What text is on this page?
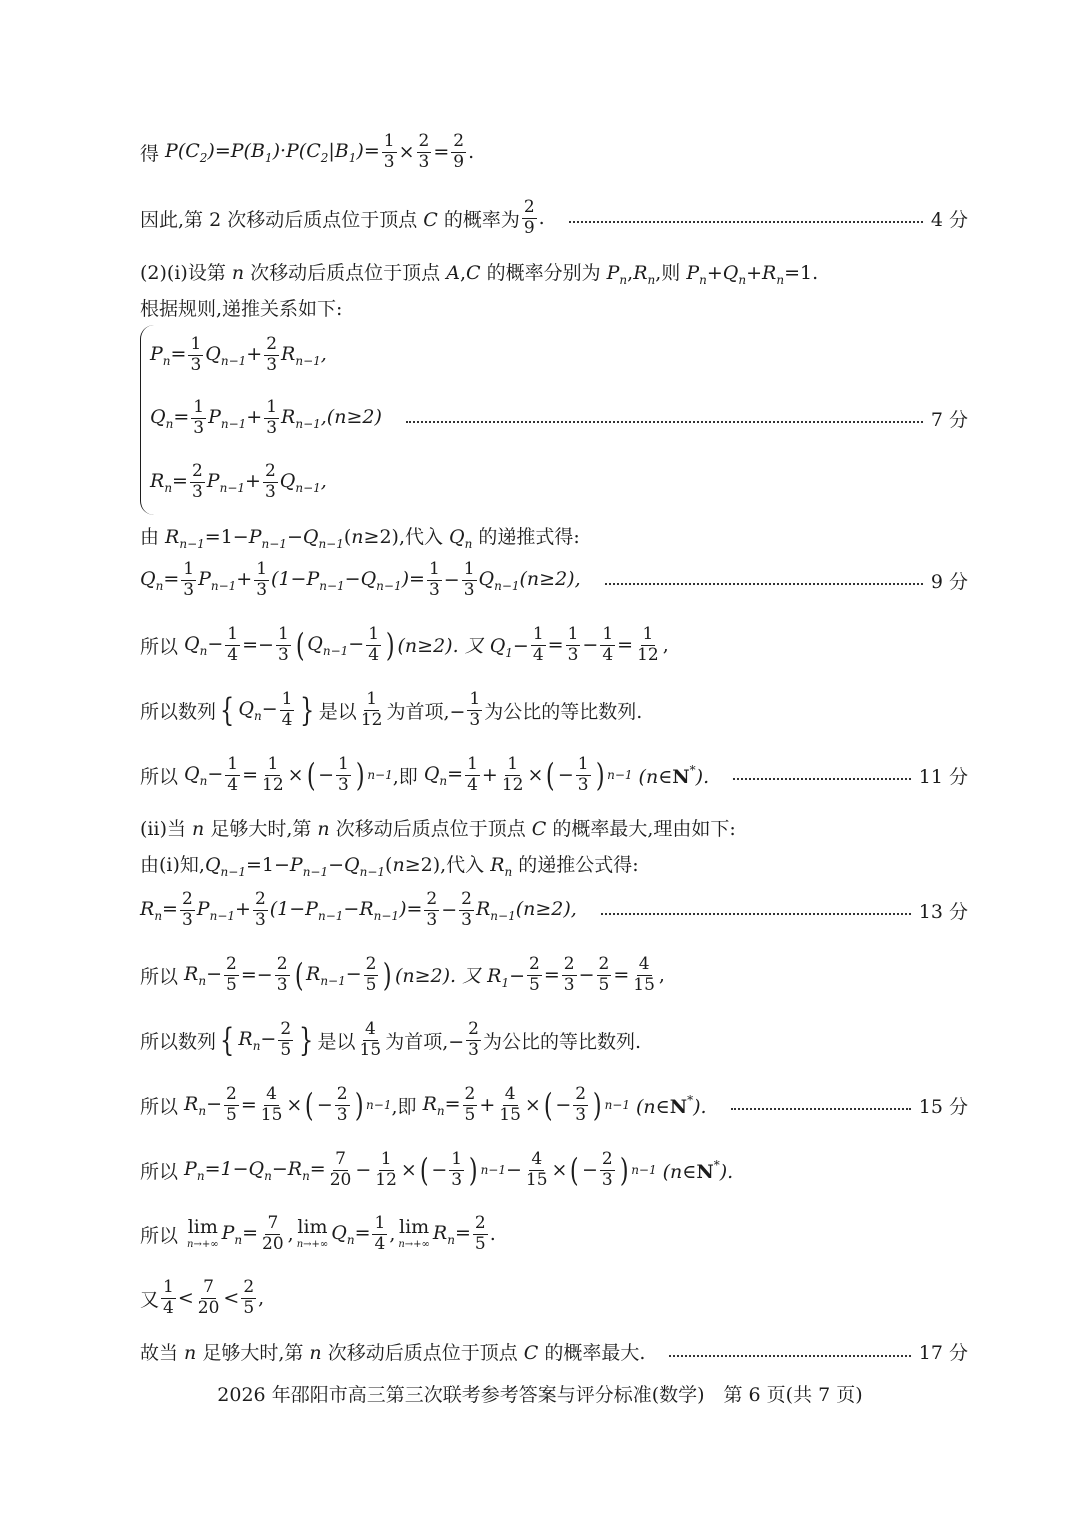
得 $P(C_2)=P(B_1)\cdot P(C_2|B_1)= \frac{1}{3}$ ×
2
3 =
2
9 .
因此,第 2 次移动后质点位于顶点 C 的概率为
2
9 .	4 分
(2)(ⅰ)设第 n 次移动后质点位于顶点 A,C 的概率分别为 $P_n,R_n$,则 $P_n+Q_n+R_n=1$.
根据规则,递推关系如下:
$P_n= \frac{1}{3} Q_{n-1}+ \frac{2}{3} R_{n-1}$,
$Q_n= \frac{1}{3} P_{n-1}+ \frac{1}{3} R_{n-1},(n\ge 2)$	7 分
$R_n= \frac{2}{3} P_{n-1}+ \frac{2}{3} Q_{n-1}$,
由 $R_{n-1}=1-P_{n-1}-Q_{n-1}(n\ge 2)$,代入 $Q_n$ 的递推式得:
$Q_n= \frac{1}{3} P_{n-1}+ \frac{1}{3} (1-P_{n-1}-Q_{n-1})= \frac{1}{3}$ −
1
3 $Q_{n-1}(n\ge 2)$,	9 分
所以 $Q_n- \frac{1}{4}$ =−
1
3 ( $Q_{n-1}- \frac{1}{4}$ ) (n≥2). 又 $Q_1- \frac{1}{4}$ =
1
3 −
1
4 =
1
12 ,
所以数列 { $Q_n- \frac{1}{4}$ } 是以
1
12 为首项,− $\frac{1}{3}$ 为公比的等比数列.
所以 $Q_n- \frac{1}{4}$ =
1
12 × ( −
1
3 ) n−1 ,即 $Q_n= \frac{1}{4}$ +
1
12 × ( −
1
3 ) n−1 (n∈N*).	11 分
(ⅱ)当 n 足够大时,第 n 次移动后质点位于顶点 C 的概率最大,理由如下:
由(ⅰ)知$,Q_{n-1}=1-P_{n-1}-Q_{n-1}(n\ge 2)$,代入 $R_n$ 的递推公式得:
$R_n= \frac{2}{3} P_{n-1}+ \frac{2}{3} (1-P_{n-1}-R_{n-1})= \frac{2}{3}$ −
2
3 $R_{n-1}(n\ge 2)$,	13 分
所以 $R_n- \frac{2}{5}$ =−
2
3 ( $R_{n-1}- \frac{2}{5}$ ) (n≥2). 又 $R_1- \frac{2}{5}$ =
2
3 −
2
5 =
4
15 ,
所以数列 { $R_n- \frac{2}{5}$ } 是以
4
15 为首项,− $\frac{2}{3}$ 为公比的等比数列.
所以 $R_n- \frac{2}{5}$ =
4
15 × ( −
2
3 ) n−1 ,即 $R_n= \frac{2}{5}$ +
4
15 × ( −
2
3 ) n−1 (n∈N*).	15 分
所以 $P_n=1-Q_n-R_n= \frac{7}{20}$ −
1
12 × ( −
1
3 ) n−1 −
4
15 × ( −
2
3 ) n−1 (n∈N*).
所以 lim
n→+∞
$P_n= \frac{7}{20}$ , lim
n→+∞
$Q_n= \frac{1}{4}$ , lim
n→+∞
$R_n= \frac{2}{5}$ .
又
1
4 <
7
20 <
2
5 ,
故当 n 足够大时,第 n 次移动后质点位于顶点 C 的概率最大.	17 分
2026 年邵阳市高三第三次联考参考答案与评分标准(数学)　第 6 页(共 7 页)
